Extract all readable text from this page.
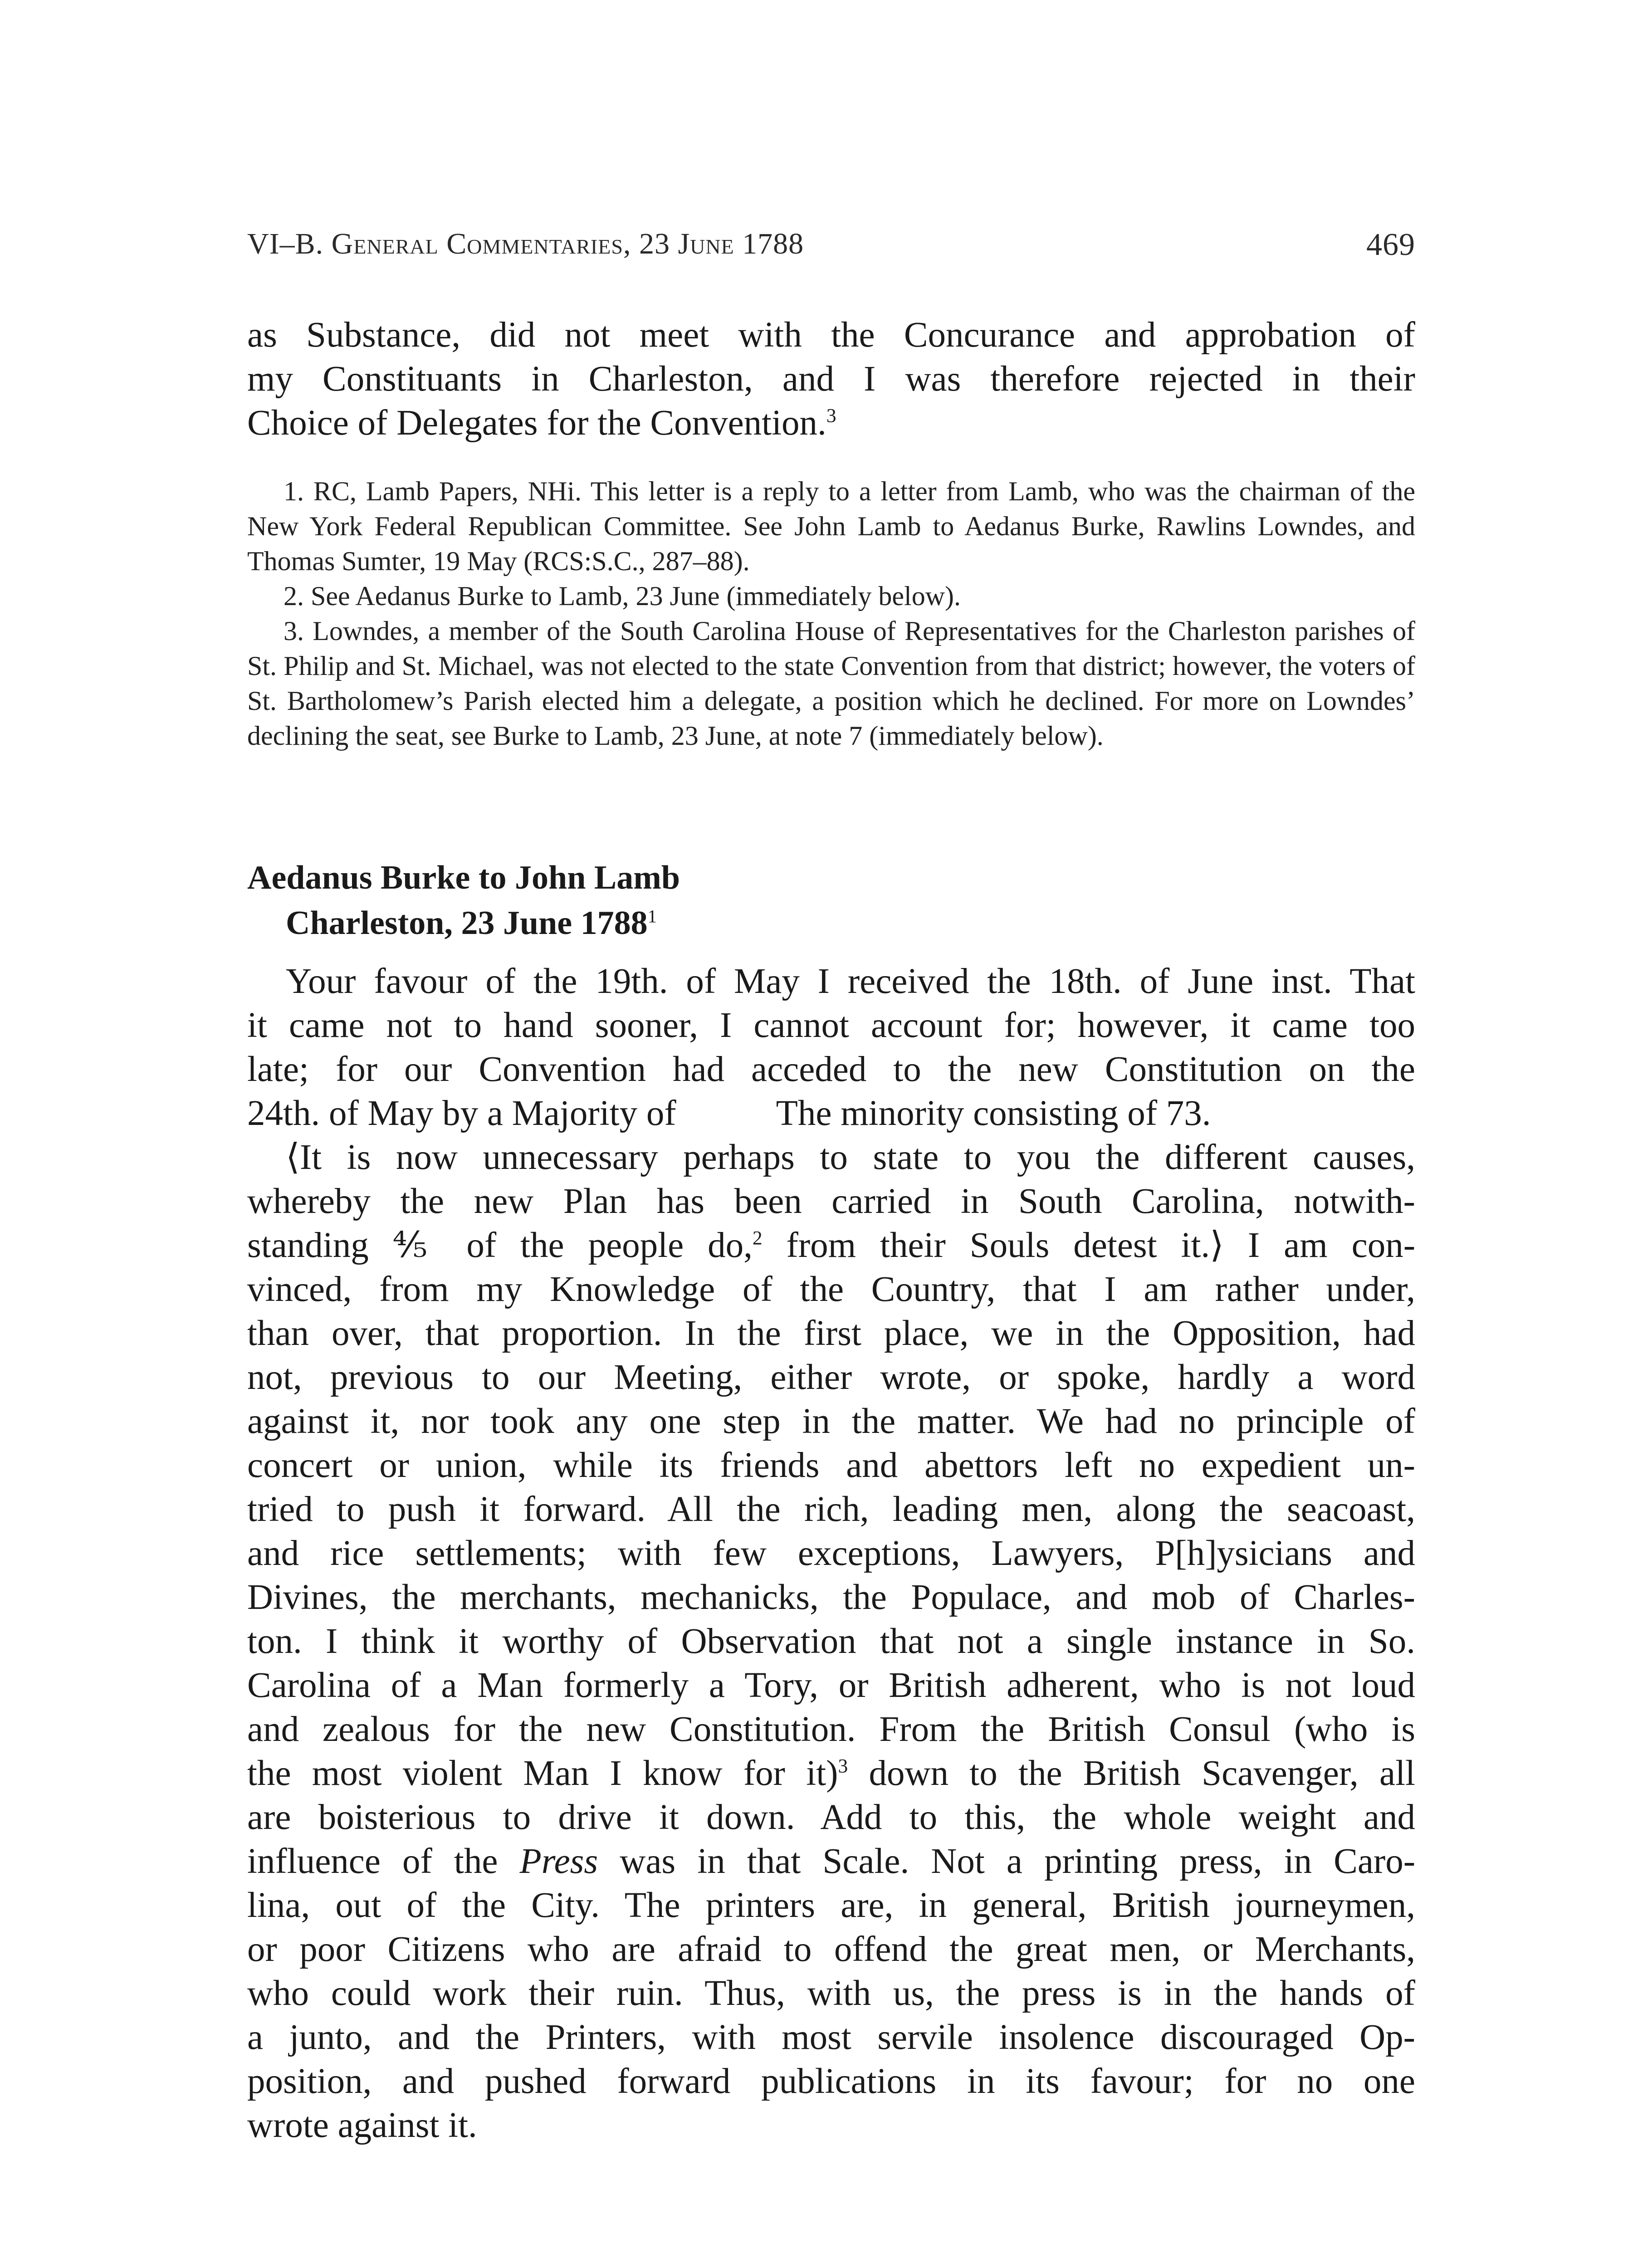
VI–B. General Commentaries, 23 June 1788	469
as Substance, did not meet with the Concurance and approbation of
my Constituants in Charleston, and I was therefore rejected in their
Choice of Delegates for the Convention.$^3$

1. RC, Lamb Papers, NHi. This letter is a reply to a letter from Lamb, who was the chairman of the New York Federal Republican Committee. See John Lamb to Aedanus Burke, Rawlins Lowndes, and Thomas Sumter, 19 May (RCS:S.C., 287–88).

2. See Aedanus Burke to Lamb, 23 June (immediately below).

3. Lowndes, a member of the South Carolina House of Representatives for the Charleston parishes of St. Philip and St. Michael, was not elected to the state Convention from that district; however, the voters of St. Bartholomew’s Parish elected him a delegate, a position which he declined. For more on Lowndes’ declining the seat, see Burke to Lamb, 23 June, at note 7 (immediately below).

Aedanus Burke to John Lamb
Charleston, 23 June 1788$^1$

Your favour of the 19th. of May I received the 18th. of June inst. That
it came not to hand sooner, I cannot account for; however, it came too
late; for our Convention had acceded to the new Constitution on the
24th. of May by a Majority of	The minority consisting of 73.

⟨It is now unnecessary perhaps to state to you the different causes,
whereby the new Plan has been carried in South Carolina, notwith-
standing ⅘ of the people do,$^2$ from their Souls detest it.⟩ I am con-
vinced, from my Knowledge of the Country, that I am rather under,
than over, that proportion. In the first place, we in the Opposition, had
not, previous to our Meeting, either wrote, or spoke, hardly a word
against it, nor took any one step in the matter. We had no principle of
concert or union, while its friends and abettors left no expedient un-
tried to push it forward. All the rich, leading men, along the seacoast,
and rice settlements; with few exceptions, Lawyers, P[h]ysicians and
Divines, the merchants, mechanicks, the Populace, and mob of Charles-
ton. I think it worthy of Observation that not a single instance in So.
Carolina of a Man formerly a Tory, or British adherent, who is not loud
and zealous for the new Constitution. From the British Consul (who is
the most violent Man I know for it)$^3$ down to the British Scavenger, all
are boisterious to drive it down. Add to this, the whole weight and
influence of the Press was in that Scale. Not a printing press, in Caro-
lina, out of the City. The printers are, in general, British journeymen,
or poor Citizens who are afraid to offend the great men, or Merchants,
who could work their ruin. Thus, with us, the press is in the hands of
a junto, and the Printers, with most servile insolence discouraged Op-
position, and pushed forward publications in its favour; for no one
wrote against it.
